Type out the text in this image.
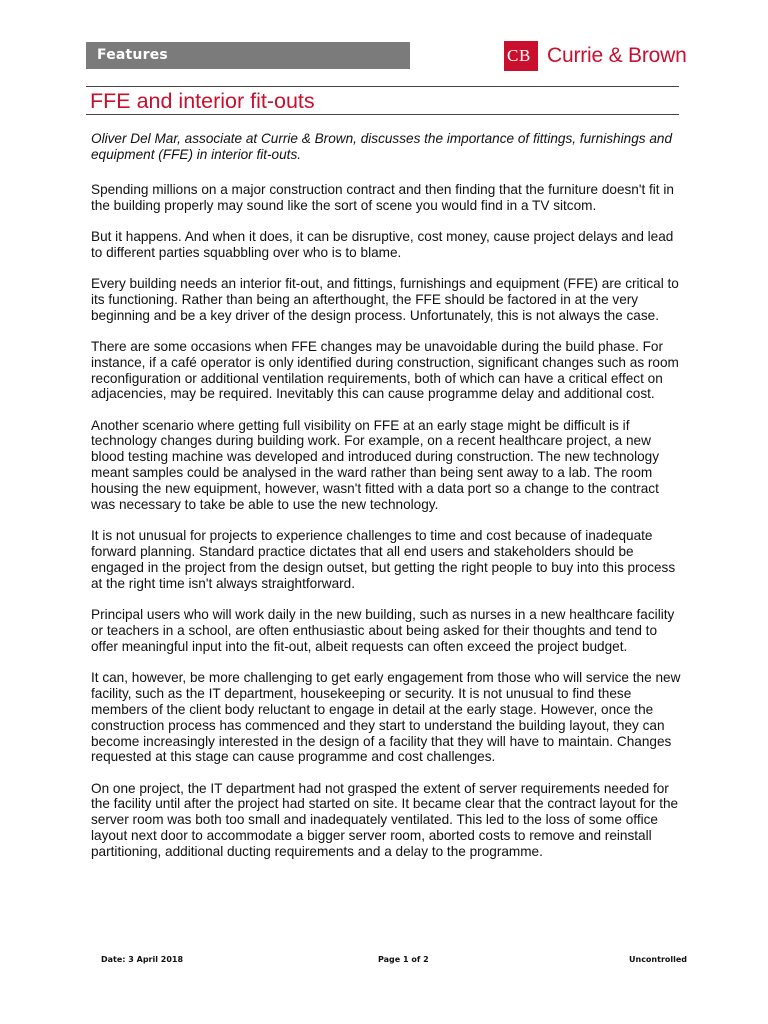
Features	C B Currie & Brown
FFE and interior fit-outs

Oliver Del Mar, associate at Currie & Brown, discusses the importance of fittings, furnishings and equipment (FFE) in interior fit-outs.

Spending millions on a major construction contract and then finding that the furniture doesn't fit in the building properly may sound like the sort of scene you would find in a TV sitcom.

But it happens. And when it does, it can be disruptive, cost money, cause project delays and lead to different parties squabbling over who is to blame.

Every building needs an interior fit-out, and fittings, furnishings and equipment (FFE) are critical to its functioning. Rather than being an afterthought, the FFE should be factored in at the very beginning and be a key driver of the design process. Unfortunately, this is not always the case.

There are some occasions when FFE changes may be unavoidable during the build phase. For instance, if a café operator is only identified during construction, significant changes such as room reconfiguration or additional ventilation requirements, both of which can have a critical effect on adjacencies, may be required. Inevitably this can cause programme delay and additional cost.

Another scenario where getting full visibility on FFE at an early stage might be difficult is if technology changes during building work. For example, on a recent healthcare project, a new blood testing machine was developed and introduced during construction. The new technology meant samples could be analysed in the ward rather than being sent away to a lab. The room housing the new equipment, however, wasn't fitted with a data port so a change to the contract was necessary to take be able to use the new technology.

It is not unusual for projects to experience challenges to time and cost because of inadequate forward planning. Standard practice dictates that all end users and stakeholders should be engaged in the project from the design outset, but getting the right people to buy into this process at the right time isn't always straightforward.

Principal users who will work daily in the new building, such as nurses in a new healthcare facility or teachers in a school, are often enthusiastic about being asked for their thoughts and tend to offer meaningful input into the fit-out, albeit requests can often exceed the project budget.

It can, however, be more challenging to get early engagement from those who will service the new facility, such as the IT department, housekeeping or security. It is not unusual to find these members of the client body reluctant to engage in detail at the early stage. However, once the construction process has commenced and they start to understand the building layout, they can become increasingly interested in the design of a facility that they will have to maintain. Changes requested at this stage can cause programme and cost challenges.

On one project, the IT department had not grasped the extent of server requirements needed for the facility until after the project had started on site. It became clear that the contract layout for the server room was both too small and inadequately ventilated. This led to the loss of some office layout next door to accommodate a bigger server room, aborted costs to remove and reinstall partitioning, additional ducting requirements and a delay to the programme.

Date: 3 April 2018	Page 1 of 2	Uncontrolled
